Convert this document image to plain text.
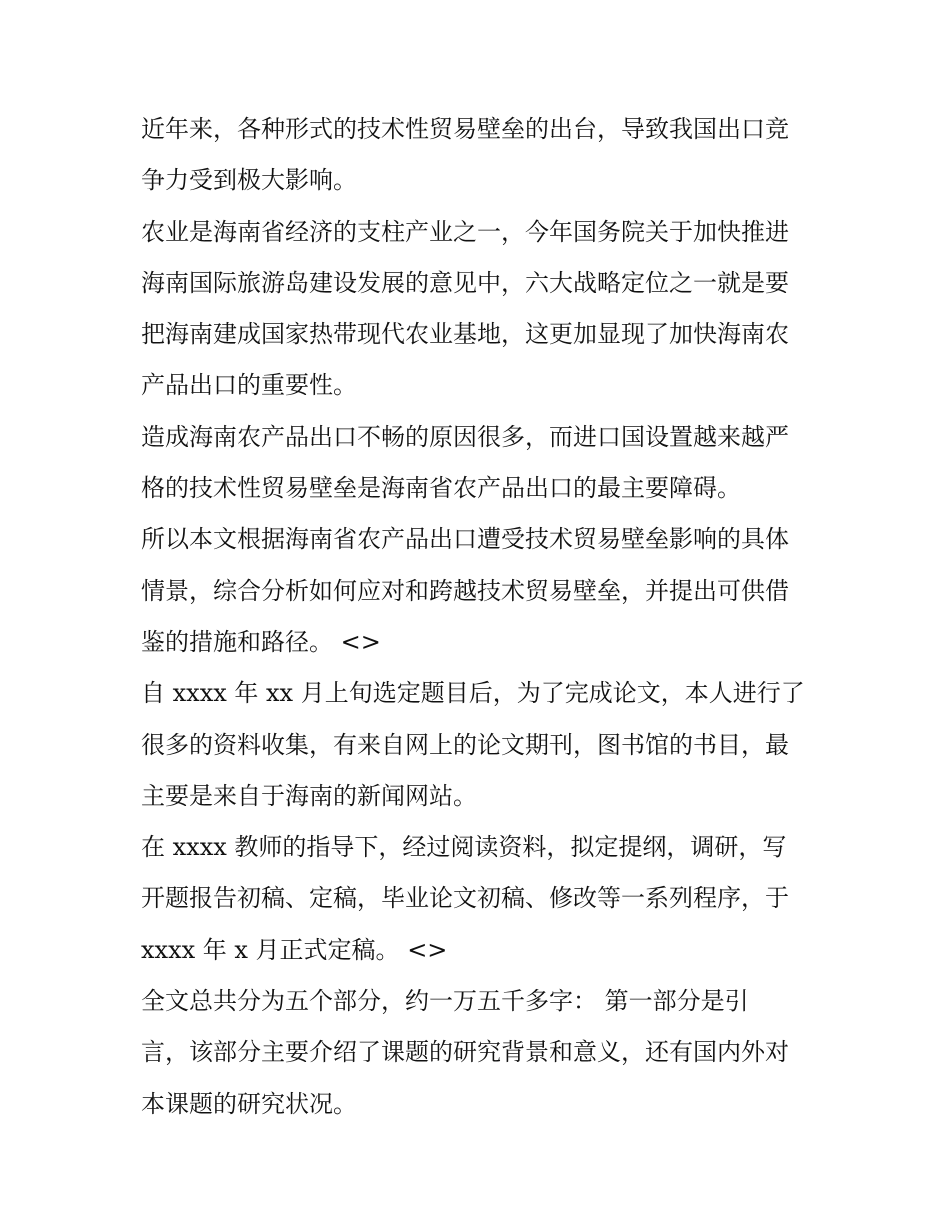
近年来，各种形式的技术性贸易壁垒的出台，导致我国出口竞
争力受到极大影响。
农业是海南省经济的支柱产业之一，今年国务院关于加快推进
海南国际旅游岛建设发展的意见中，六大战略定位之一就是要
把海南建成国家热带现代农业基地，这更加显现了加快海南农
产品出口的重要性。
造成海南农产品出口不畅的原因很多，而进口国设置越来越严
格的技术性贸易壁垒是海南省农产品出口的最主要障碍。
所以本文根据海南省农产品出口遭受技术贸易壁垒影响的具体
情景，综合分析如何应对和跨越技术贸易壁垒，并提出可供借
鉴的措施和路径。 <>
自 xxxx 年 xx 月上旬选定题目后，为了完成论文，本人进行了
很多的资料收集，有来自网上的论文期刊，图书馆的书目，最
主要是来自于海南的新闻网站。
在 xxxx 教师的指导下，经过阅读资料，拟定提纲，调研，写
开题报告初稿、定稿，毕业论文初稿、修改等一系列程序，于
xxxx 年 x 月正式定稿。 <>
全文总共分为五个部分，约一万五千多字： 第一部分是引
言，该部分主要介绍了课题的研究背景和意义，还有国内外对
本课题的研究状况。
